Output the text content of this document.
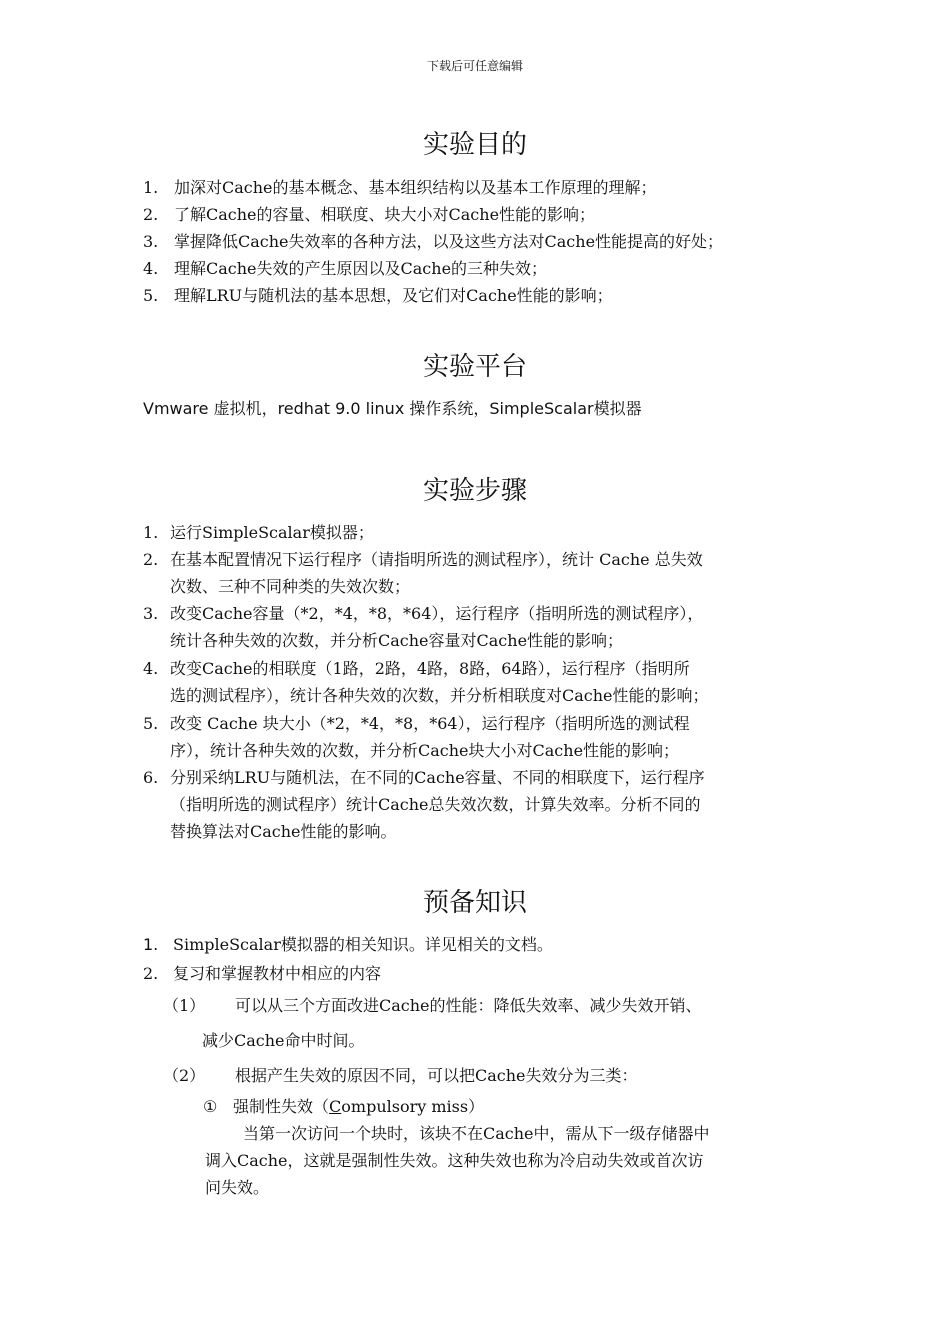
下载后可任意编辑
实验目的
1. 加深对Cache的基本概念、基本组织结构以及基本工作原理的理解；
2. 了解Cache的容量、相联度、块大小对Cache性能的影响；
3. 掌握降低Cache失效率的各种方法，以及这些方法对Cache性能提高的好处；
4. 理解Cache失效的产生原因以及Cache的三种失效；
5. 理解LRU与随机法的基本思想，及它们对Cache性能的影响；
实验平台
Vmware 虚拟机，redhat 9.0 linux 操作系统，SimpleScalar模拟器
实验步骤
1. 运行SimpleScalar模拟器；
2. 在基本配置情况下运行程序（请指明所选的测试程序），统计 Cache 总失效
次数、三种不同种类的失效次数；
3. 改变Cache容量（*2，*4，*8，*64），运行程序（指明所选的测试程序），
统计各种失效的次数，并分析Cache容量对Cache性能的影响；
4. 改变Cache的相联度（1路，2路，4路，8路，64路），运行程序（指明所
选的测试程序），统计各种失效的次数，并分析相联度对Cache性能的影响；
5. 改变 Cache 块大小（*2，*4，*8，*64），运行程序（指明所选的测试程
序），统计各种失效的次数，并分析Cache块大小对Cache性能的影响；
6. 分别采纳LRU与随机法，在不同的Cache容量、不同的相联度下，运行程序
（指明所选的测试程序）统计Cache总失效次数，计算失效率。分析不同的
替换算法对Cache性能的影响。
预备知识
1. SimpleScalar模拟器的相关知识。详见相关的文档。
2. 复习和掌握教材中相应的内容
（1） 可以从三个方面改进Cache的性能：降低失效率、减少失效开销、
减少Cache命中时间。
（2） 根据产生失效的原因不同，可以把Cache失效分为三类：
① 强制性失效（Compulsory miss）
当第一次访问一个块时，该块不在Cache中，需从下一级存储器中
调入Cache，这就是强制性失效。这种失效也称为冷启动失效或首次访
问失效。
